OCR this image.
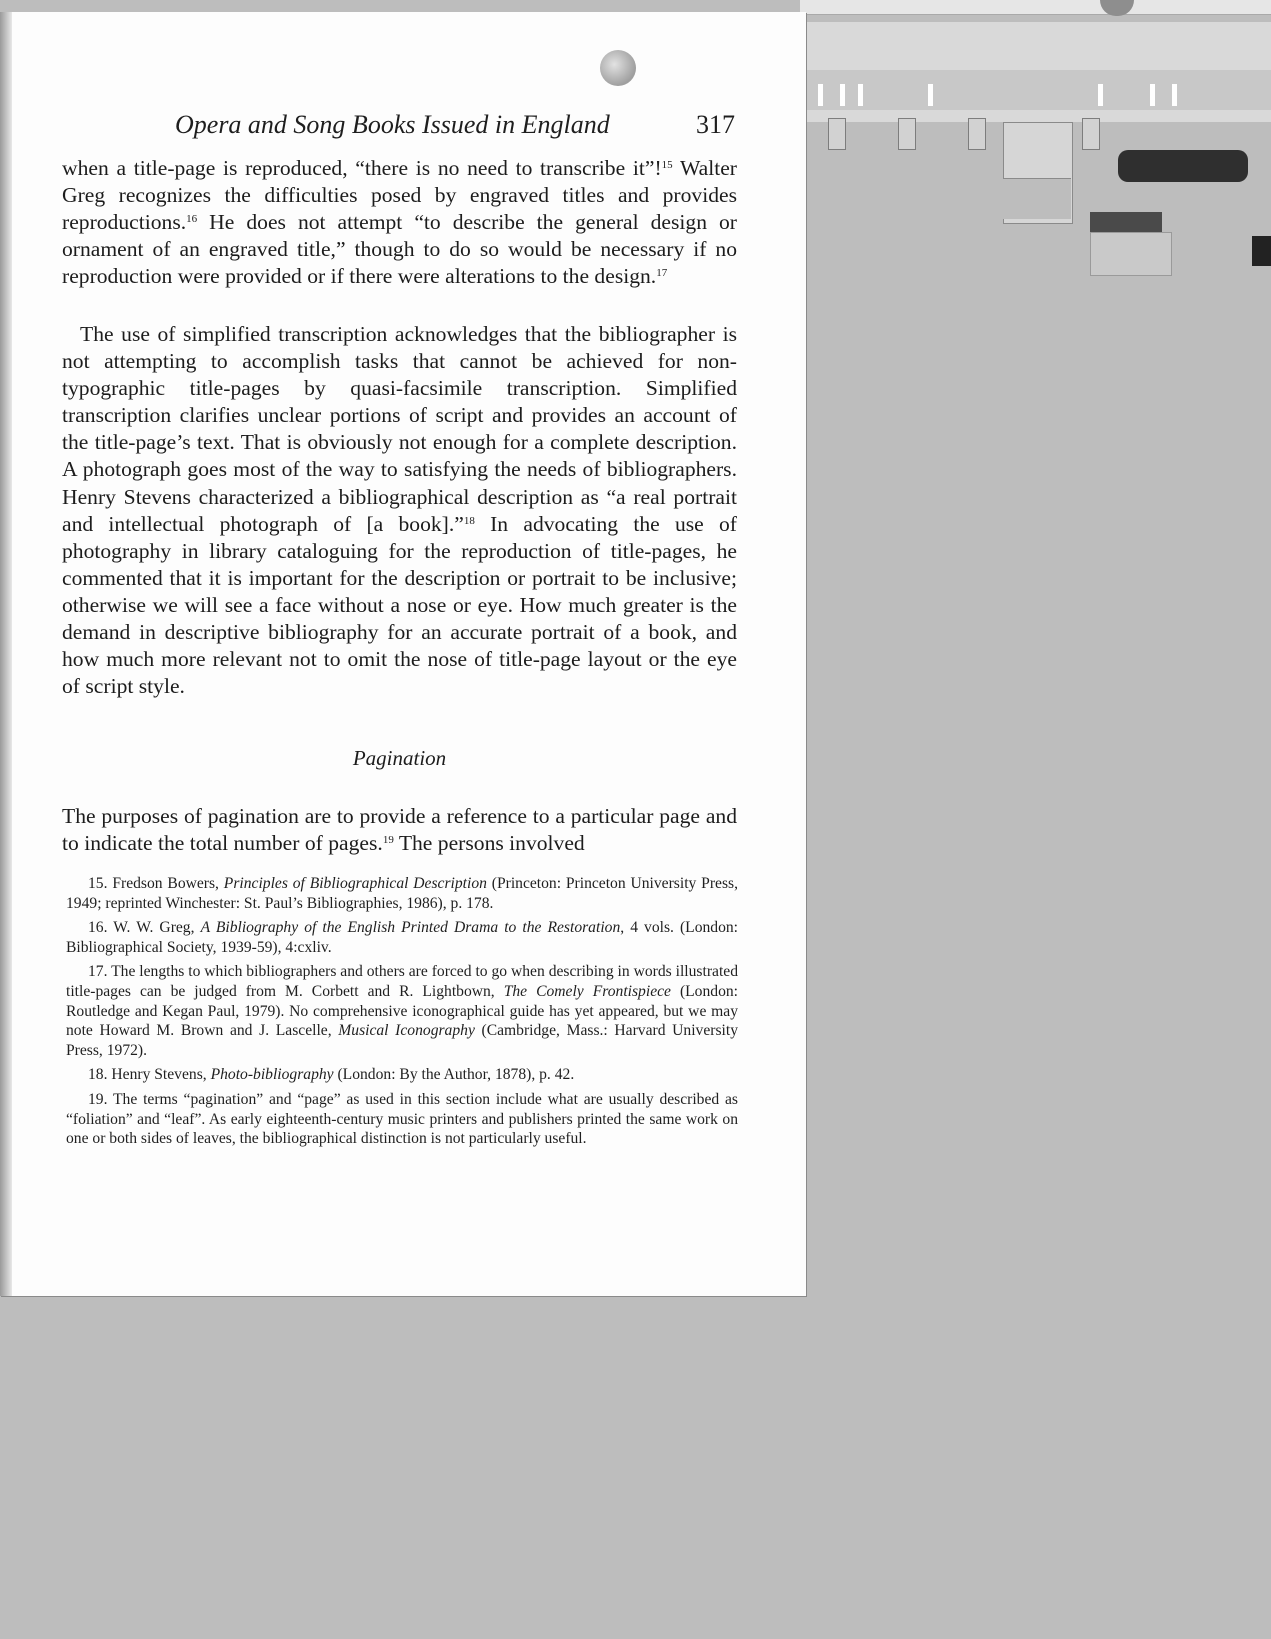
Opera and Song Books Issued in England	317

when a title-page is reproduced, “there is no need to transcribe it”!$^{15}$ Walter Greg recognizes the difficulties posed by engraved titles and provides reproductions.$^{16}$ He does not attempt “to describe the general design or ornament of an engraved title,” though to do so would be necessary if no reproduction were provided or if there were alterations to the design.$^{17}$

The use of simplified transcription acknowledges that the bibliographer is not attempting to accomplish tasks that cannot be achieved for non-typographic title-pages by quasi-facsimile transcription. Simplified transcription clarifies unclear portions of script and provides an account of the title-page’s text. That is obviously not enough for a complete description. A photograph goes most of the way to satisfying the needs of bibliographers. Henry Stevens characterized a bibliographical description as “a real portrait and intellectual photograph of [a book].”$^{18}$ In advocating the use of photography in library cataloguing for the reproduction of title-pages, he commented that it is important for the description or portrait to be inclusive; otherwise we will see a face without a nose or eye. How much greater is the demand in descriptive bibliography for an accurate portrait of a book, and how much more relevant not to omit the nose of title-page layout or the eye of script style.

Pagination

The purposes of pagination are to provide a reference to a particular page and to indicate the total number of pages.$^{19}$ The persons involved

15. Fredson Bowers, Principles of Bibliographical Description (Princeton: Princeton University Press, 1949; reprinted Winchester: St. Paul’s Bibliographies, 1986), p. 178.

16. W. W. Greg, A Bibliography of the English Printed Drama to the Restoration, 4 vols. (London: Bibliographical Society, 1939-59), 4:cxliv.

17. The lengths to which bibliographers and others are forced to go when describing in words illustrated title-pages can be judged from M. Corbett and R. Lightbown, The Comely Frontispiece (London: Routledge and Kegan Paul, 1979). No comprehensive iconographical guide has yet appeared, but we may note Howard M. Brown and J. Lascelle, Musical Iconography (Cambridge, Mass.: Harvard University Press, 1972).

18. Henry Stevens, Photo-bibliography (London: By the Author, 1878), p. 42.

19. The terms “pagination” and “page” as used in this section include what are usually described as “foliation” and “leaf”. As early eighteenth-century music printers and publishers printed the same work on one or both sides of leaves, the bibliographical distinction is not particularly useful.
